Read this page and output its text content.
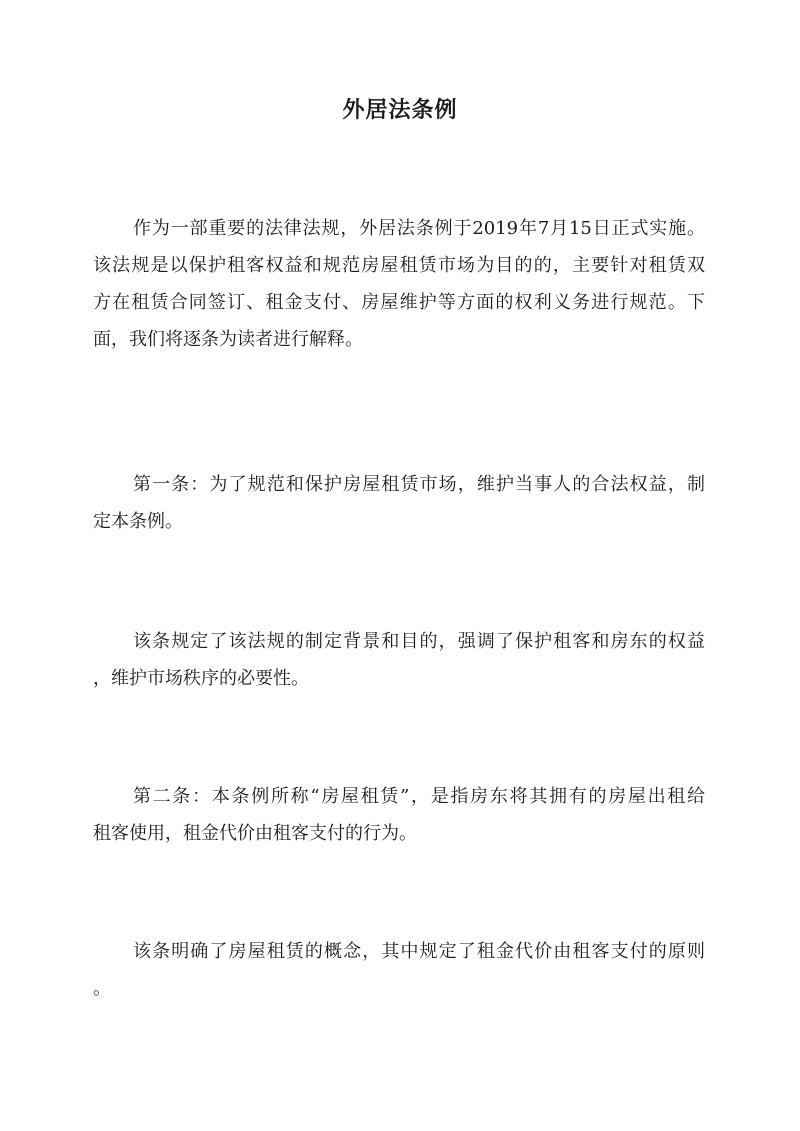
外居法条例

作为一部重要的法律法规，外居法条例于2019年7月15日正式实施。
该法规是以保护租客权益和规范房屋租赁市场为目的的，主要针对租赁双
方在租赁合同签订、租金支付、房屋维护等方面的权利义务进行规范。下
面，我们将逐条为读者进行解释。

第一条：为了规范和保护房屋租赁市场，维护当事人的合法权益，制
定本条例。

该条规定了该法规的制定背景和目的，强调了保护租客和房东的权益
，维护市场秩序的必要性。

第二条：本条例所称“房屋租赁”，是指房东将其拥有的房屋出租给
租客使用，租金代价由租客支付的行为。

该条明确了房屋租赁的概念，其中规定了租金代价由租客支付的原则
。
